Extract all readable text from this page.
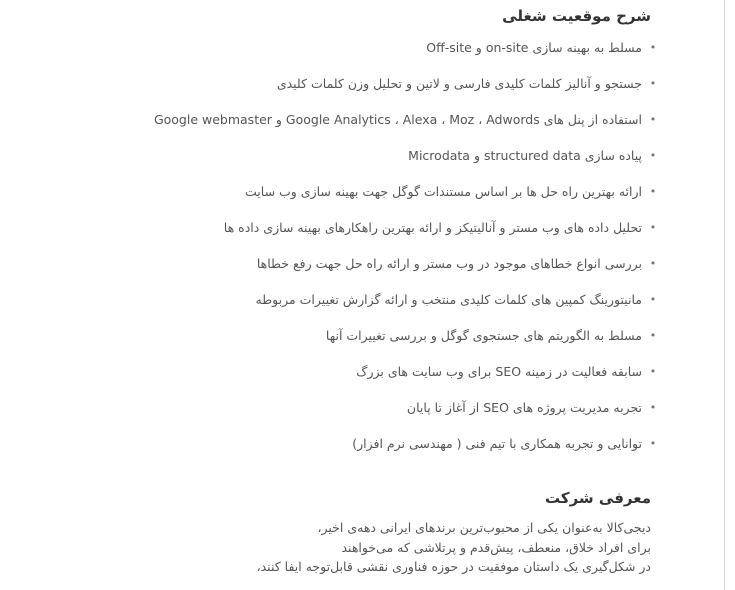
شرح موقعیت شغلی
•
مسلط به بهینه سازی on-site و Off-site
•
جستجو و آنالیز کلمات کلیدی فارسی و لاتین و تحلیل وزن کلمات کلیدی
•
استفاده از پنل های Google Analytics ، Alexa ، Moz ، Adwords و Google webmaster
•
پیاده سازی structured data و Microdata
•
ارائه بهترین راه حل ها بر اساس مستندات گوگل جهت بهینه سازی وب سایت
•
تحلیل داده های وب مستر و آنالیتیکز و ارائه بهترین راهکارهای بهینه سازی داده ها
•
بررسی انواع خطاهای موجود در وب مستر و ارائه راه حل جهت رفع خطاها
•
مانیتورینگ کمپین های کلمات کلیدی منتخب و ارائه گزارش تغییرات مربوطه
•
مسلط به الگوریتم های جستجوی گوگل و بررسی تغییرات آنها
•
سابقه فعالیت در زمینه SEO برای وب سایت های بزرگ
•
تجربه مدیریت پروژه های SEO از آغاز تا پایان
•
توانایی و تجربه همکاری با تیم فنی ( مهندسی نرم افزار)
معرفی شرکت

دیجی‌کالا به‌عنوان یکی از محبوب‌ترین برندهای ایرانی دهه‌ی اخیر،
برای افراد خلاق، منعطف، پیش‌قدم و پرتلاشی که می‌خواهند
در شکل‌گیری یک داستان موفقیت در حوزه فناوری نقشی قابل‌توجه ایفا کنند،
